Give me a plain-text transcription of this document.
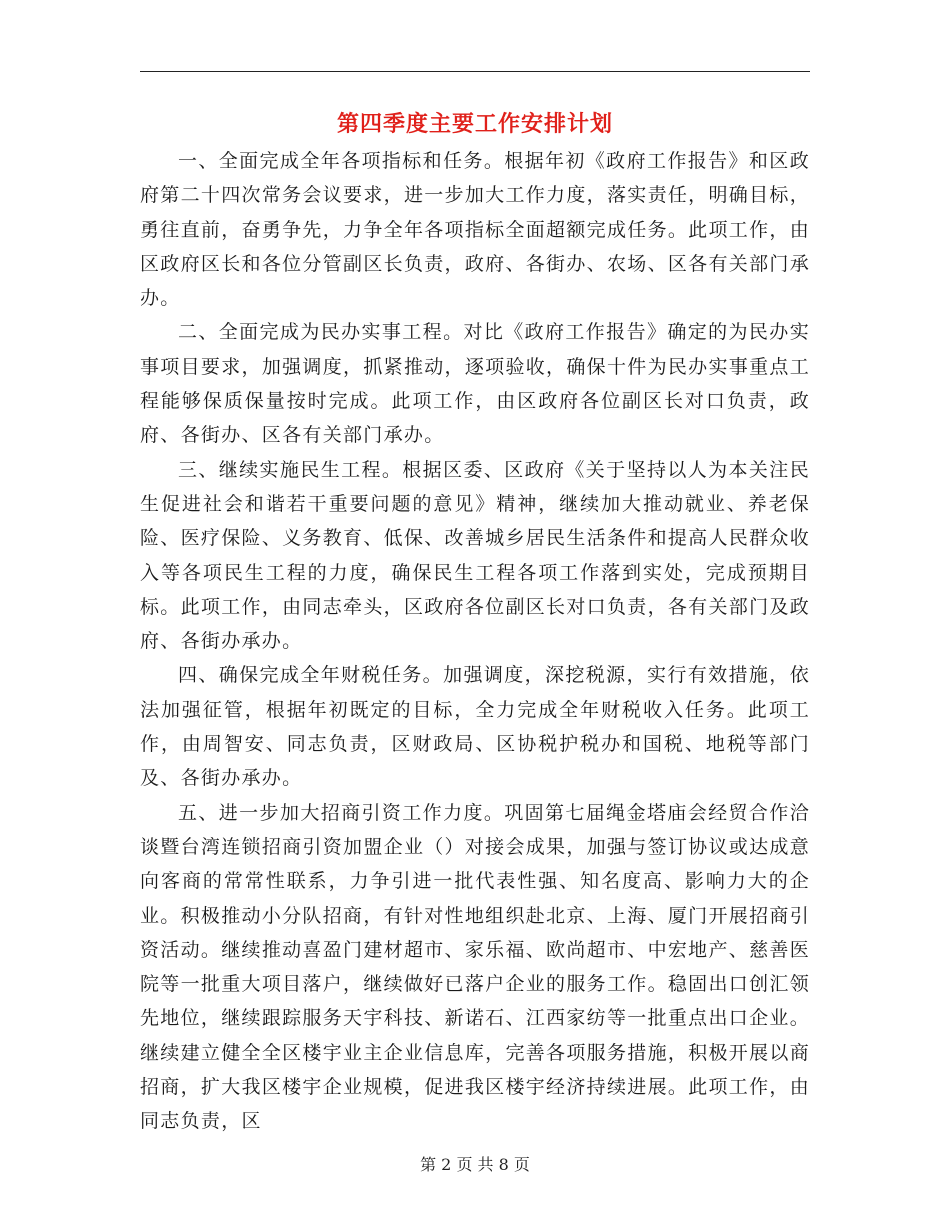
第四季度主要工作安排计划

一、全面完成全年各项指标和任务。根据年初《政府工作报告》和区政府第二十四次常务会议要求，进一步加大工作力度，落实责任，明确目标，勇往直前，奋勇争先，力争全年各项指标全面超额完成任务。此项工作，由区政府区长和各位分管副区长负责，政府、各街办、农场、区各有关部门承办。

二、全面完成为民办实事工程。对比《政府工作报告》确定的为民办实事项目要求，加强调度，抓紧推动，逐项验收，确保十件为民办实事重点工程能够保质保量按时完成。此项工作，由区政府各位副区长对口负责，政府、各街办、区各有关部门承办。

三、继续实施民生工程。根据区委、区政府《关于坚持以人为本关注民生促进社会和谐若干重要问题的意见》精神，继续加大推动就业、养老保险、医疗保险、义务教育、低保、改善城乡居民生活条件和提高人民群众收入等各项民生工程的力度，确保民生工程各项工作落到实处，完成预期目标。此项工作，由同志牵头，区政府各位副区长对口负责，各有关部门及政府、各街办承办。

四、确保完成全年财税任务。加强调度，深挖税源，实行有效措施，依法加强征管，根据年初既定的目标，全力完成全年财税收入任务。此项工作，由周智安、同志负责，区财政局、区协税护税办和国税、地税等部门及、各街办承办。

五、进一步加大招商引资工作力度。巩固第七届绳金塔庙会经贸合作洽谈暨台湾连锁招商引资加盟企业（）对接会成果，加强与签订协议或达成意向客商的常常性联系，力争引进一批代表性强、知名度高、影响力大的企业。积极推动小分队招商，有针对性地组织赴北京、上海、厦门开展招商引资活动。继续推动喜盈门建材超市、家乐福、欧尚超市、中宏地产、慈善医院等一批重大项目落户，继续做好已落户企业的服务工作。稳固出口创汇领先地位，继续跟踪服务天宇科技、新诺石、江西家纺等一批重点出口企业。继续建立健全全区楼宇业主企业信息库，完善各项服务措施，积极开展以商招商，扩大我区楼宇企业规模，促进我区楼宇经济持续进展。此项工作，由同志负责，区

第 2 页 共 8 页
